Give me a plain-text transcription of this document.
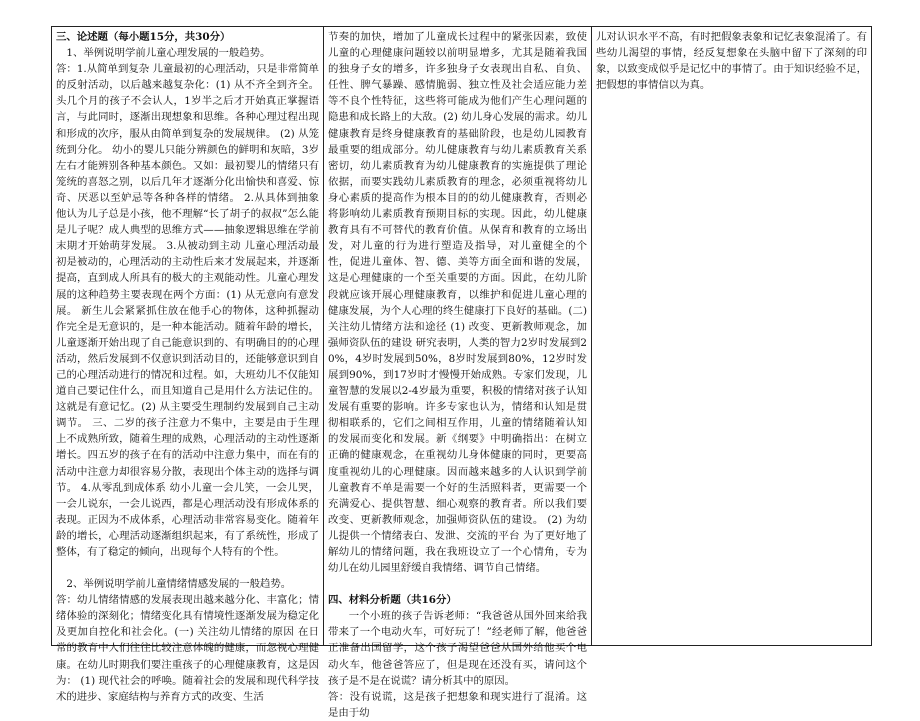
三、论述题（每小题15分，共30分）

1、举例说明学前儿童心理发展的一般趋势。

答：1.从简单到复杂 儿童最初的心理活动，只是非常简单的反射活动，以后越来越复杂化：(1) 从不齐全到齐全。头几个月的孩子不会认人，1岁半之后才开始真正掌握语言，与此同时，逐渐出现想象和思维。各种心理过程出现和形成的次序，服从由简单到复杂的发展规律。 (2) 从笼统到分化。 幼小的婴儿只能分辨颜色的鲜明和灰暗，3岁左右才能辨别各种基本颜色。又如：最初婴儿的情绪只有笼统的喜怒之别，以后几年才逐渐分化出愉快和喜爱、惊奇、厌恶以至妒忌等各种各样的情绪。 2.从具体到抽象 他认为儿子总是小孩，他不理解“长了胡子的叔叔”怎么能是儿子呢？成人典型的思维方式——抽象逻辑思维在学前末期才开始萌芽发展。 3.从被动到主动 儿童心理活动最初是被动的，心理活动的主动性后来才发展起来，并逐渐提高，直到成人所具有的极大的主观能动性。儿童心理发展的这种趋势主要表现在两个方面：(1) 从无意向有意发展。 新生儿会紧紧抓住放在他手心的物体，这种抓握动作完全是无意识的，是一种本能活动。随着年龄的增长，儿童逐渐开始出现了自己能意识到的、有明确目的的心理活动，然后发展到不仅意识到活动目的，还能够意识到自己的心理活动进行的情况和过程。如，大班幼儿不仅能知道自己要记住什么，而且知道自己是用什么方法记住的。这就是有意记忆。(2) 从主要受生理制约发展到自己主动调节。 三、二岁的孩子注意力不集中，主要是由于生理上不成熟所致，随着生理的成熟，心理活动的主动性逐渐增长。四五岁的孩子在有的活动中注意力集中，而在有的活动中注意力却很容易分散，表现出个体主动的选择与调节。 4.从零乱到成体系 幼小儿童一会儿笑，一会儿哭，一会儿说东，一会儿说西，都是心理活动没有形成体系的表现。正因为不成体系，心理活动非常容易变化。随着年龄的增长，心理活动逐渐组织起来，有了系统性，形成了整体，有了稳定的倾向，出现每个人特有的个性。

2、举例说明学前儿童情绪情感发展的一般趋势。

答：幼儿情绪情感的发展表现出越来越分化、丰富化；情绪体验的深刻化；情绪变化具有情境性逐渐发展为稳定化 及更加自控化和社会化。(一) 关注幼儿情绪的原因 在日常的教育中人们往往比较注意体魄的健康，而忽视心理健康。在幼儿时期我们要注重孩子的心理健康教育，这是因为： (1) 现代社会的呼唤。随着社会的发展和现代科学技术的进步、家庭结构与养育方式的改变、生活

节奏的加快，增加了儿童成长过程中的紧张因素，致使儿童的心理健康问题较以前明显增多，尤其是随着我国的独身子女的增多，许多独身子女表现出自私、自负、任性、脾气暴躁、感情脆弱、独立性及社会适应能力差等不良个性特征，这些将可能成为他们产生心理问题的隐患和成长路上的大敌。(2) 幼儿身心发展的需求。幼儿健康教育是终身健康教育的基础阶段，也是幼儿园教育最重要的组成部分。幼儿健康教育与幼儿素质教育关系密切，幼儿素质教育为幼儿健康教育的实施提供了理论依据，而要实践幼儿素质教育的理念，必须重视将幼儿身心素质的提高作为根本目的的幼儿健康教育，否则必将影响幼儿素质教育预期目标的实现。因此，幼儿健康教育具有不可替代的教育价值。从保育和教育的立场出发，对儿童的行为进行塑造及指导，对儿童健全的个性，促进儿童体、智、德、美等方面全面和谐的发展，这是心理健康的一个至关重要的方面。因此，在幼儿阶段就应该开展心理健康教育，以维护和促进儿童心理的健康发展，为个人心理的终生健康打下良好的基础。(二) 关注幼儿情绪方法和途径 (1) 改变、更新教师观念，加强师资队伍的建设 研究表明，人类的智力2岁时发展到20%，4岁时发展到50%，8岁时发展到80%，12岁时发展到90%，到17岁时才慢慢开始成熟。专家们发现，儿童智慧的发展以2-4岁最为重要，积极的情绪对孩子认知发展有重要的影响。许多专家也认为，情绪和认知是贯彻相联系的，它们之间相互作用，儿童的情绪随着认知的发展而变化和发展。新《纲要》中明确指出：在树立正确的健康观念，在重视幼儿身体健康的同时，更要高度重视幼儿的心理健康。因而越来越多的人认识到学前儿童教育不单是需要一个好的生活照料者，更需要一个充满爱心、提供智慧、细心观察的教育者。所以我们要改变、更新教师观念，加强师资队伍的建设。 (2) 为幼儿提供一个情绪表白、发泄、交流的平台 为了更好地了解幼儿的情绪问题，我在我班设立了一个心情角，专为幼儿在幼儿园里舒缓自我情绪、调节自己情绪。

四、材料分析题（共16分）

一个小班的孩子告诉老师：“我爸爸从国外回来给我带来了一个电动火车，可好玩了！”经老师了解，他爸爸正准备出国留学，这个孩子渴望爸爸从国外给他买个电动火车，他爸爸答应了，但是现在还没有买，请问这个孩子是不是在说谎？请分析其中的原因。

答：没有说谎，这是孩子把想象和现实进行了混淆。这是由于幼

儿对认识水平不高，有时把假象表象和记忆表象混淆了。有些幼儿渴望的事情，经反复想象在头脑中留下了深刻的印象，以致变成似乎是记忆中的事情了。由于知识经验不足，把假想的事情信以为真。
